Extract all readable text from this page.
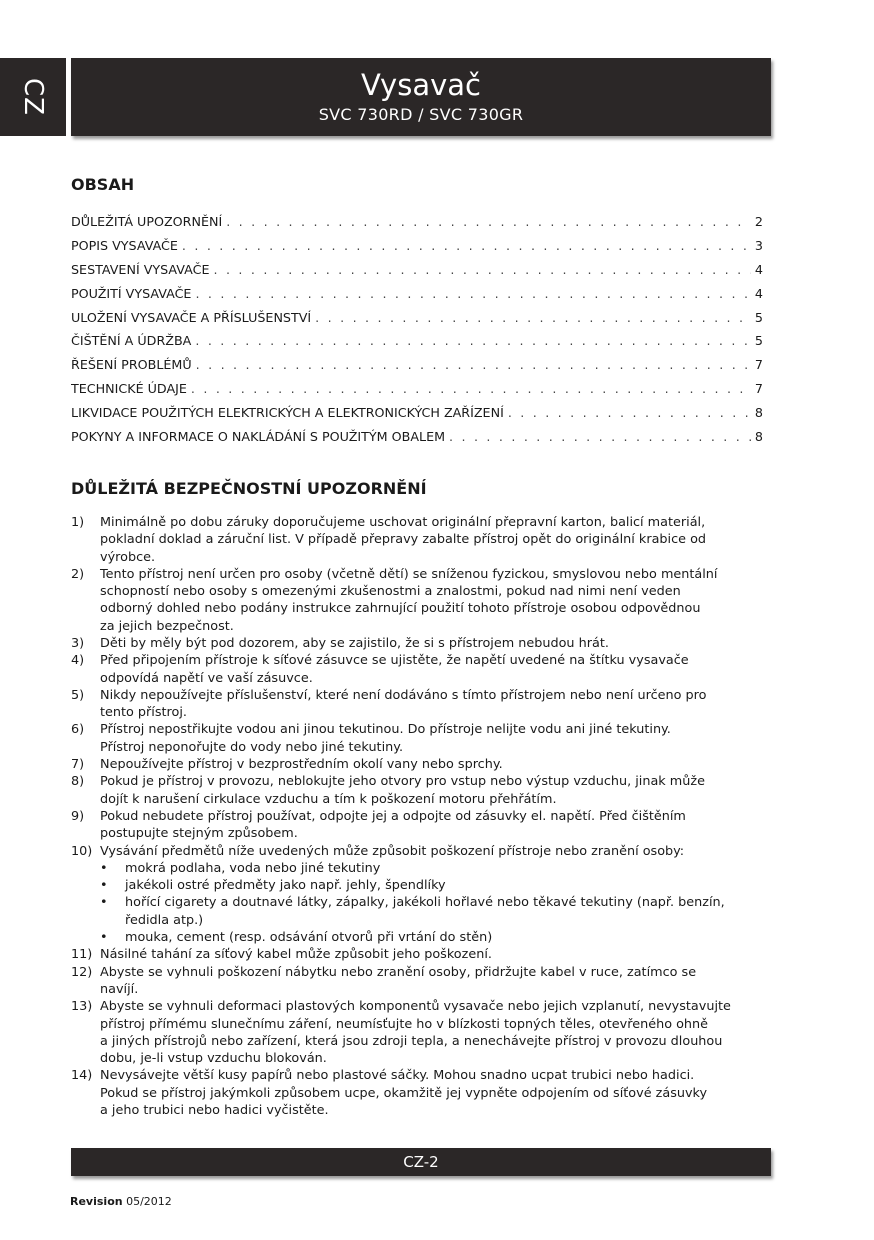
CZ	Vysavač
SVC 730RD / SVC 730GR
OBSAH
DŮLEŽITÁ UPOZORNĚNÍ . . .	2
POPIS VYSAVAČE . . .	3
SESTAVENÍ VYSAVAČE . . .	4
POUŽITÍ VYSAVAČE . . .	4
ULOŽENÍ VYSAVAČE A PŘÍSLUŠENSTVÍ . . .	5
ČIŠTĚNÍ A ÚDRŽBA . . .	5
ŘEŠENÍ PROBLÉMŮ . . .	7
TECHNICKÉ ÚDAJE . . .	7
LIKVIDACE POUŽITÝCH ELEKTRICKÝCH A ELEKTRONICKÝCH ZAŘÍZENÍ . . .	8
POKYNY A INFORMACE O NAKLÁDÁNÍ S POUŽITÝM OBALEM . . .	8
DŮLEŽITÁ BEZPEČNOSTNÍ UPOZORNĚNÍ
1)	Minimálně po dobu záruky doporučujeme uschovat originální přepravní karton, balicí materiál,
pokladní doklad a záruční list. V případě přepravy zabalte přístroj opět do originální krabice od
výrobce.
2)	Tento přístroj není určen pro osoby (včetně dětí) se sníženou fyzickou, smyslovou nebo mentální
schopností nebo osoby s omezenými zkušenostmi a znalostmi, pokud nad nimi není veden
odborný dohled nebo podány instrukce zahrnující použití tohoto přístroje osobou odpovědnou
za jejich bezpečnost.
3)	Děti by měly být pod dozorem, aby se zajistilo, že si s přístrojem nebudou hrát.
4)	Před připojením přístroje k síťové zásuvce se ujistěte, že napětí uvedené na štítku vysavače
odpovídá napětí ve vaší zásuvce.
5)	Nikdy nepoužívejte příslušenství, které není dodáváno s tímto přístrojem nebo není určeno pro
tento přístroj.
6)	Přístroj nepostřikujte vodou ani jinou tekutinou. Do přístroje nelijte vodu ani jiné tekutiny.
Přístroj neponořujte do vody nebo jiné tekutiny.
7)	Nepoužívejte přístroj v bezprostředním okolí vany nebo sprchy.
8)	Pokud je přístroj v provozu, neblokujte jeho otvory pro vstup nebo výstup vzduchu, jinak může
dojít k narušení cirkulace vzduchu a tím k poškození motoru přehřátím.
9)	Pokud nebudete přístroj používat, odpojte jej a odpojte od zásuvky el. napětí. Před čištěním
postupujte stejným způsobem.
10) Vysávání předmětů níže uvedených může způsobit poškození přístroje nebo zranění osoby:
•	mokrá podlaha, voda nebo jiné tekutiny
•	jakékoli ostré předměty jako např. jehly, špendlíky
•	hořící cigarety a doutnavé látky, zápalky, jakékoli hořlavé nebo těkavé tekutiny (např. benzín,
ředidla atp.)
•	mouka, cement (resp. odsávání otvorů při vrtání do stěn)
11) Násilné tahání za síťový kabel může způsobit jeho poškození.
12) Abyste se vyhnuli poškození nábytku nebo zranění osoby, přidržujte kabel v ruce, zatímco se
navíjí.
13) Abyste se vyhnuli deformaci plastových komponentů vysavače nebo jejich vzplanutí, nevystavujte
přístroj přímému slunečnímu záření, neumísťujte ho v blízkosti topných těles, otevřeného ohně
a jiných přístrojů nebo zařízení, která jsou zdroji tepla, a nenechávejte přístroj v provozu dlouhou
dobu, je-li vstup vzduchu blokován.
14) Nevysávejte větší kusy papírů nebo plastové sáčky. Mohou snadno ucpat trubici nebo hadici.
Pokud se přístroj jakýmkoli způsobem ucpe, okamžitě jej vypněte odpojením od síťové zásuvky
a jeho trubici nebo hadici vyčistěte.
CZ-2
Revision 05/2012
